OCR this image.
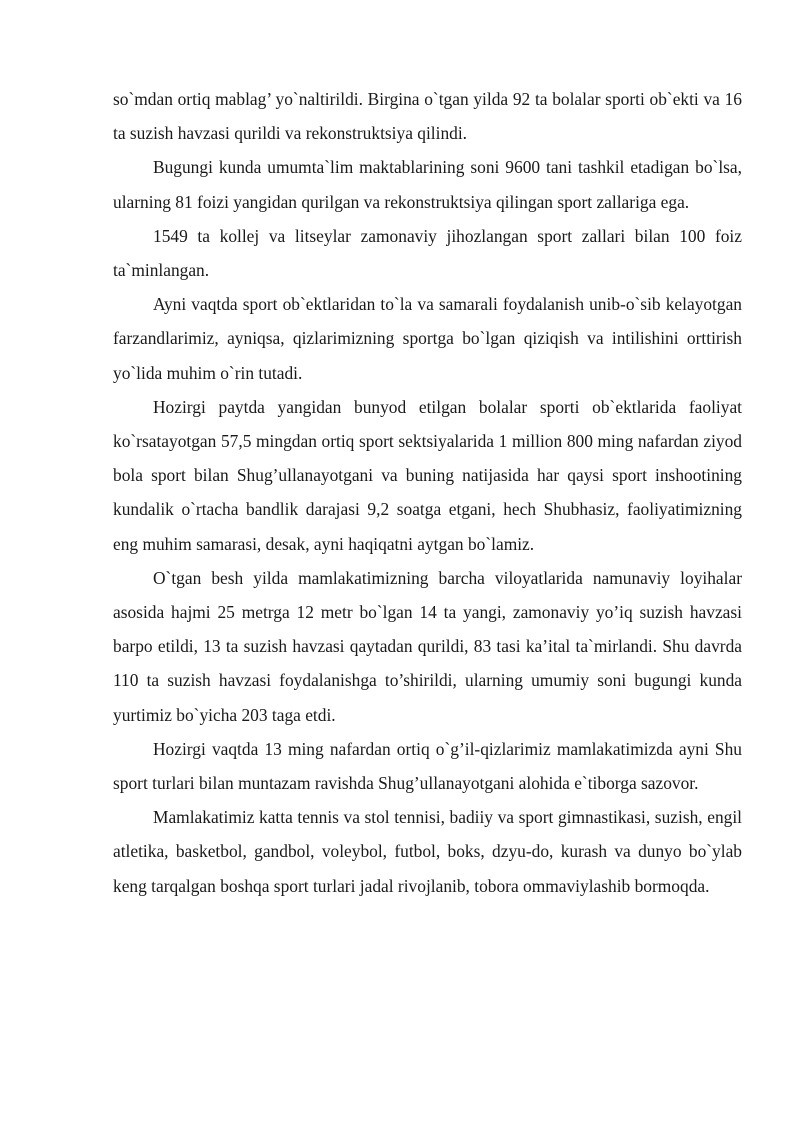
so`mdan ortiq mablag’ yo`naltirildi. Birgina o`tgan yilda 92 ta bolalar sporti ob`ekti va 16 ta suzish havzasi qurildi va rekonstruktsiya qilindi.

Bugungi kunda umumta`lim maktablarining soni 9600 tani tashkil etadigan bo`lsa, ularning 81 foizi yangidan qurilgan va rekonstruktsiya qilingan sport zallariga ega.

1549 ta kollej va litseylar zamonaviy jihozlangan sport zallari bilan 100 foiz ta`minlangan.

Ayni vaqtda sport ob`ektlaridan to`la va samarali foydalanish unib-o`sib kelayotgan farzandlarimiz, ayniqsa, qizlarimizning sportga bo`lgan qiziqish va intilishini orttirish yo`lida muhim o`rin tutadi.

Hozirgi paytda yangidan bunyod etilgan bolalar sporti ob`ektlarida faoliyat ko`rsatayotgan 57,5 mingdan ortiq sport sektsiyalarida 1 million 800 ming nafardan ziyod bola sport bilan Shug’ullanayotgani va buning natijasida har qaysi sport inshootining kundalik o`rtacha bandlik darajasi 9,2 soatga etgani, hech Shubhasiz, faoliyatimizning eng muhim samarasi, desak, ayni haqiqatni aytgan bo`lamiz.

O`tgan besh yilda mamlakatimizning barcha viloyatlarida namunaviy loyihalar asosida hajmi 25 metrga 12 metr bo`lgan 14 ta yangi, zamonaviy yo’iq suzish havzasi barpo etildi, 13 ta suzish havzasi qaytadan qurildi, 83 tasi ka’ital ta`mirlandi. Shu davrda 110 ta suzish havzasi foydalanishga to’shirildi, ularning umumiy soni bugungi kunda yurtimiz bo`yicha 203 taga etdi.

Hozirgi vaqtda 13 ming nafardan ortiq o`g’il-qizlarimiz mamlakatimizda ayni Shu sport turlari bilan muntazam ravishda Shug’ullanayotgani alohida e`tiborga sazovor.

Mamlakatimiz katta tennis va stol tennisi, badiiy va sport gimnastikasi, suzish, engil atletika, basketbol, gandbol, voleybol, futbol, boks, dzyu-do, kurash va dunyo bo`ylab keng tarqalgan boshqa sport turlari jadal rivojlanib, tobora ommaviylashib bormoqda.
